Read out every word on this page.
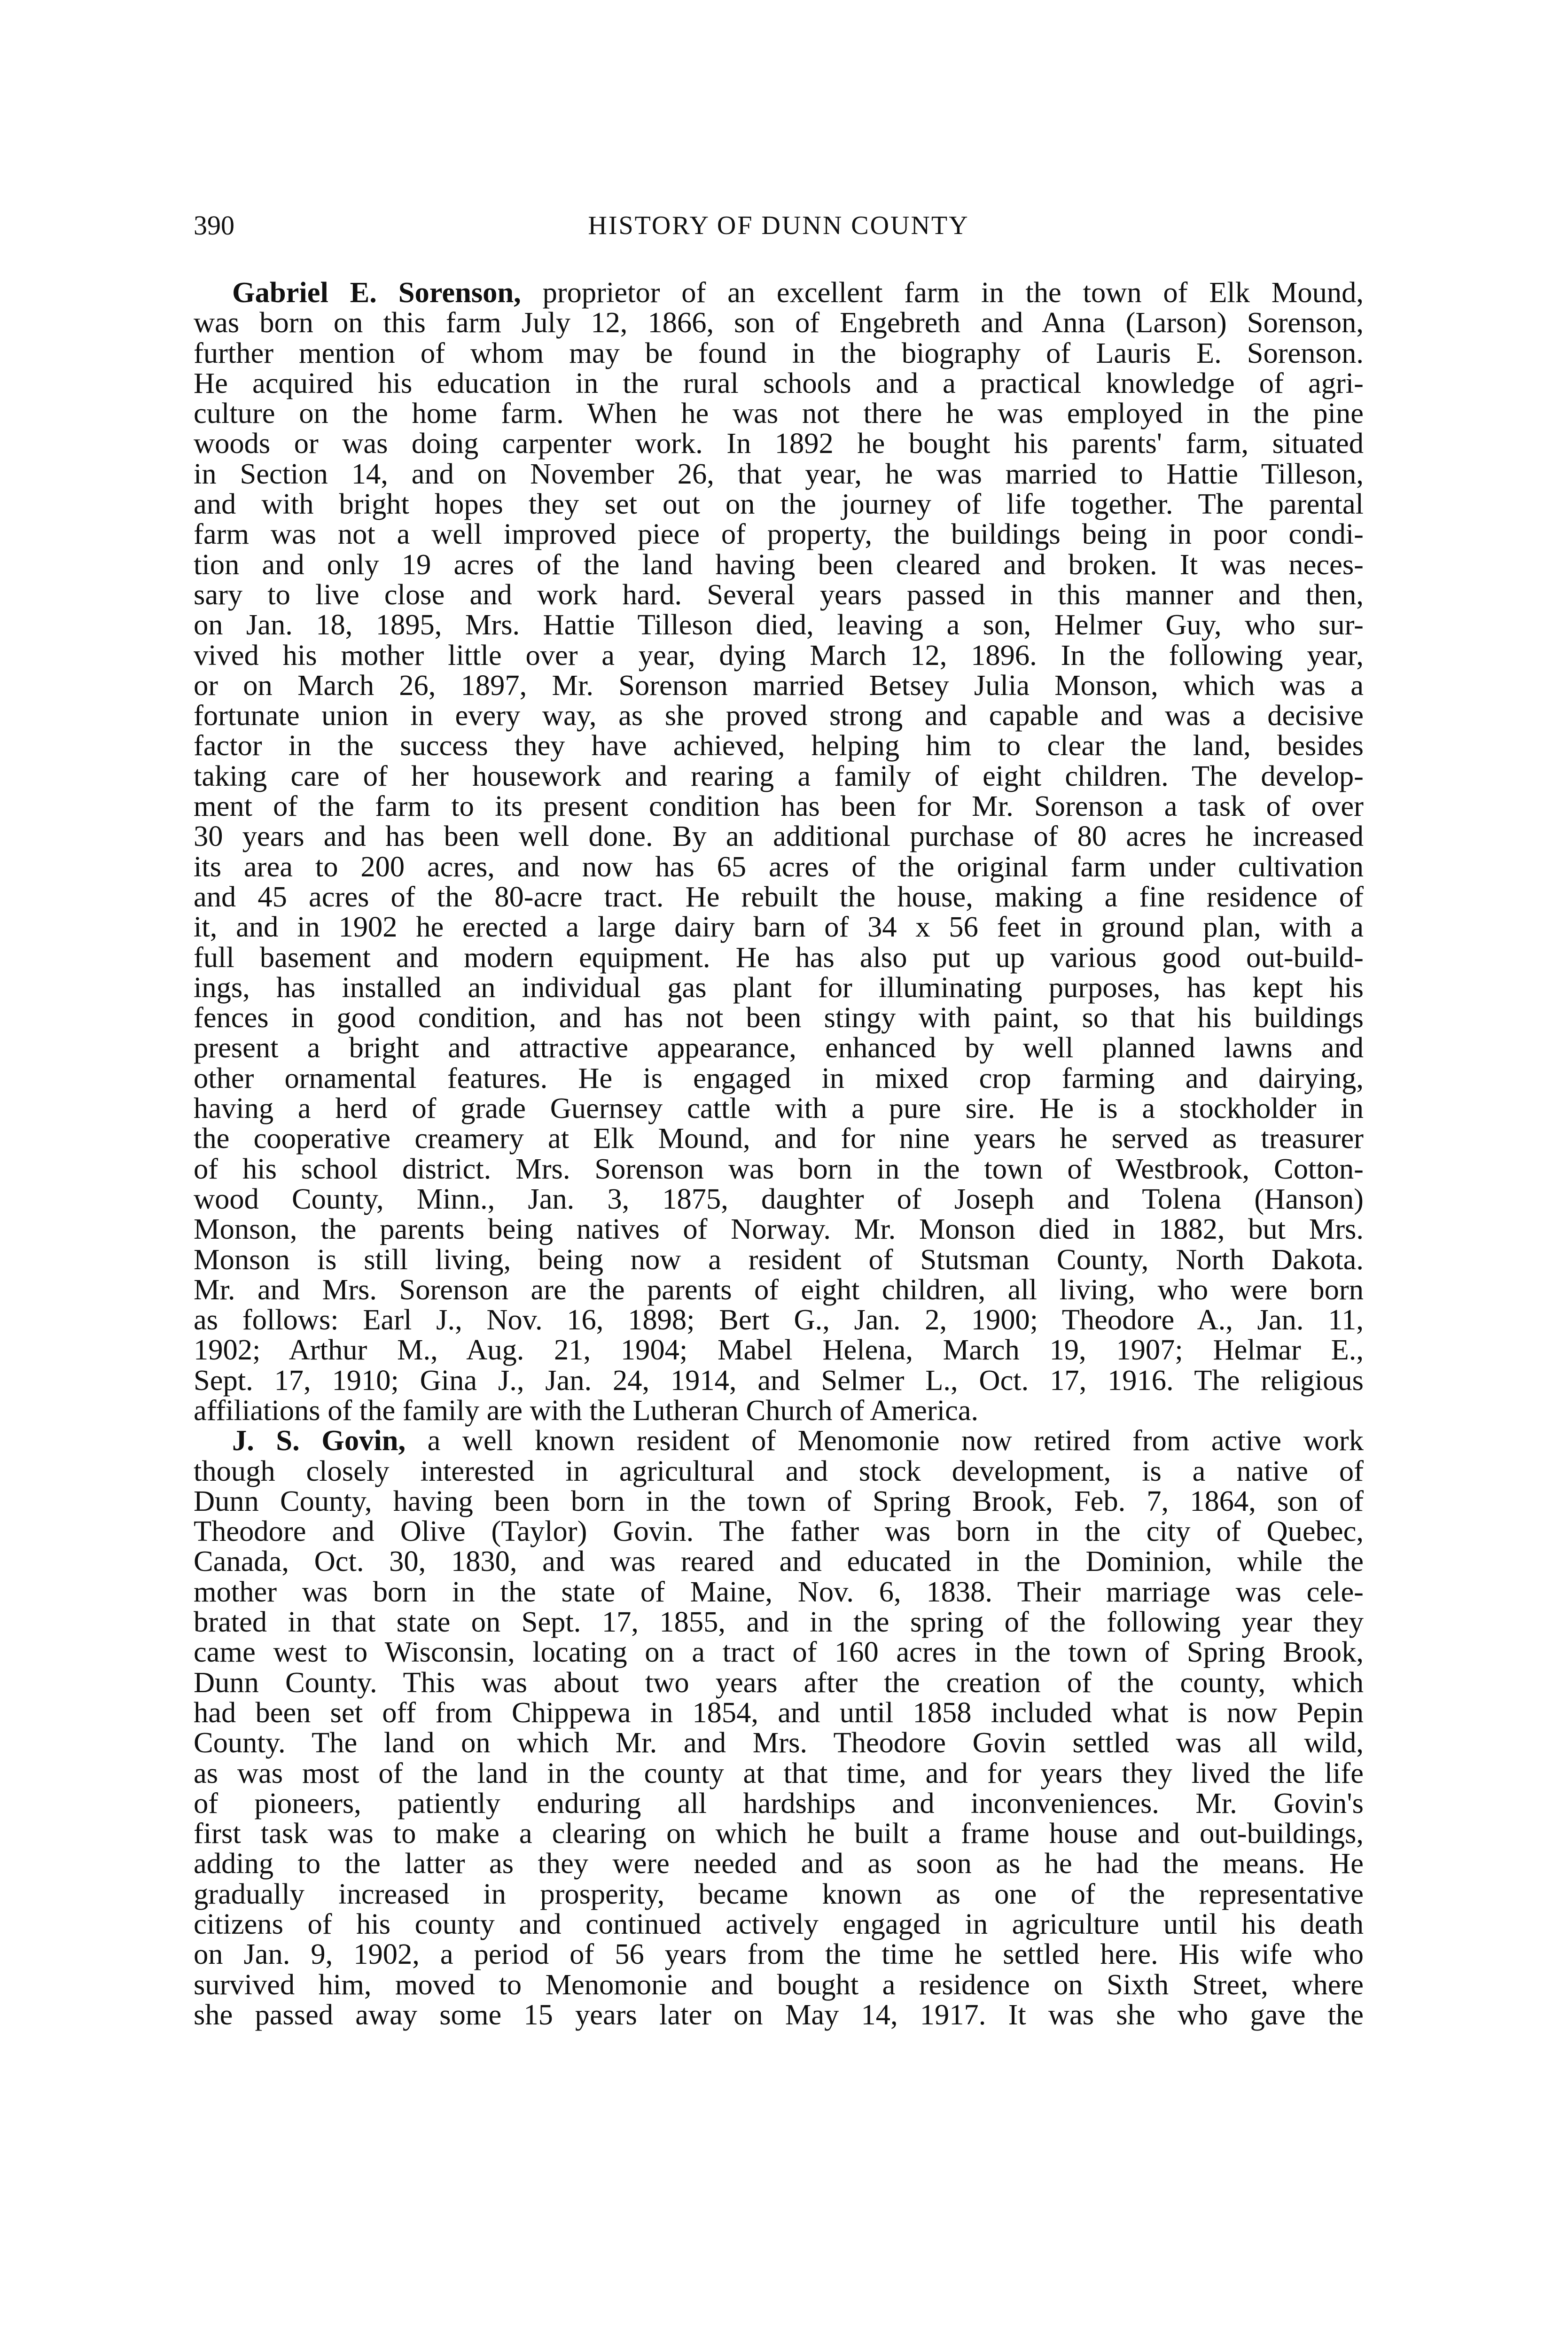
390	HISTORY OF DUNN COUNTY

Gabriel E. Sorenson, proprietor of an excellent farm in the town of Elk Mound,
was born on this farm July 12, 1866, son of Engebreth and Anna (Larson) Sorenson,
further mention of whom may be found in the biography of Lauris E. Sorenson.
He acquired his education in the rural schools and a practical knowledge of agri-
culture on the home farm. When he was not there he was employed in the pine
woods or was doing carpenter work. In 1892 he bought his parents' farm, situated
in Section 14, and on November 26, that year, he was married to Hattie Tilleson,
and with bright hopes they set out on the journey of life together. The parental
farm was not a well improved piece of property, the buildings being in poor condi-
tion and only 19 acres of the land having been cleared and broken. It was neces-
sary to live close and work hard. Several years passed in this manner and then,
on Jan. 18, 1895, Mrs. Hattie Tilleson died, leaving a son, Helmer Guy, who sur-
vived his mother little over a year, dying March 12, 1896. In the following year,
or on March 26, 1897, Mr. Sorenson married Betsey Julia Monson, which was a
fortunate union in every way, as she proved strong and capable and was a decisive
factor in the success they have achieved, helping him to clear the land, besides
taking care of her housework and rearing a family of eight children. The develop-
ment of the farm to its present condition has been for Mr. Sorenson a task of over
30 years and has been well done. By an additional purchase of 80 acres he increased
its area to 200 acres, and now has 65 acres of the original farm under cultivation
and 45 acres of the 80-acre tract. He rebuilt the house, making a fine residence of
it, and in 1902 he erected a large dairy barn of 34 x 56 feet in ground plan, with a
full basement and modern equipment. He has also put up various good out-build-
ings, has installed an individual gas plant for illuminating purposes, has kept his
fences in good condition, and has not been stingy with paint, so that his buildings
present a bright and attractive appearance, enhanced by well planned lawns and
other ornamental features. He is engaged in mixed crop farming and dairying,
having a herd of grade Guernsey cattle with a pure sire. He is a stockholder in
the cooperative creamery at Elk Mound, and for nine years he served as treasurer
of his school district. Mrs. Sorenson was born in the town of Westbrook, Cotton-
wood County, Minn., Jan. 3, 1875, daughter of Joseph and Tolena (Hanson)
Monson, the parents being natives of Norway. Mr. Monson died in 1882, but Mrs.
Monson is still living, being now a resident of Stutsman County, North Dakota.
Mr. and Mrs. Sorenson are the parents of eight children, all living, who were born
as follows: Earl J., Nov. 16, 1898; Bert G., Jan. 2, 1900; Theodore A., Jan. 11,
1902; Arthur M., Aug. 21, 1904; Mabel Helena, March 19, 1907; Helmar E.,
Sept. 17, 1910; Gina J., Jan. 24, 1914, and Selmer L., Oct. 17, 1916. The religious
affiliations of the family are with the Lutheran Church of America.

J. S. Govin, a well known resident of Menomonie now retired from active work
though closely interested in agricultural and stock development, is a native of
Dunn County, having been born in the town of Spring Brook, Feb. 7, 1864, son of
Theodore and Olive (Taylor) Govin. The father was born in the city of Quebec,
Canada, Oct. 30, 1830, and was reared and educated in the Dominion, while the
mother was born in the state of Maine, Nov. 6, 1838. Their marriage was cele-
brated in that state on Sept. 17, 1855, and in the spring of the following year they
came west to Wisconsin, locating on a tract of 160 acres in the town of Spring Brook,
Dunn County. This was about two years after the creation of the county, which
had been set off from Chippewa in 1854, and until 1858 included what is now Pepin
County. The land on which Mr. and Mrs. Theodore Govin settled was all wild,
as was most of the land in the county at that time, and for years they lived the life
of pioneers, patiently enduring all hardships and inconveniences. Mr. Govin's
first task was to make a clearing on which he built a frame house and out-buildings,
adding to the latter as they were needed and as soon as he had the means. He
gradually increased in prosperity, became known as one of the representative
citizens of his county and continued actively engaged in agriculture until his death
on Jan. 9, 1902, a period of 56 years from the time he settled here. His wife who
survived him, moved to Menomonie and bought a residence on Sixth Street, where
she passed away some 15 years later on May 14, 1917. It was she who gave the
